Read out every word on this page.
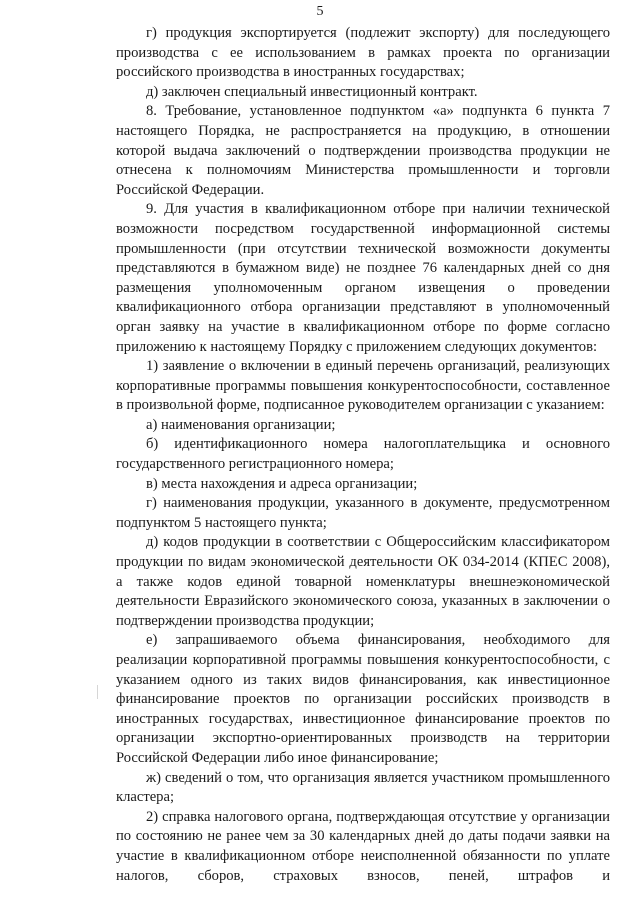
5

г) продукция экспортируется (подлежит экспорту) для последующего производства с ее использованием в рамках проекта по организации российского производства в иностранных государствах;

д) заключен специальный инвестиционный контракт.

8. Требование, установленное подпунктом «а» подпункта 6 пункта 7 настоящего Порядка, не распространяется на продукцию, в отношении которой выдача заключений о подтверждении производства продукции не отнесена к полномочиям Министерства промышленности и торговли Российской Федерации.

9. Для участия в квалификационном отборе при наличии технической возможности посредством государственной информационной системы промышленности (при отсутствии технической возможности документы представляются в бумажном виде) не позднее 76 календарных дней со дня размещения уполномоченным органом извещения о проведении квалификационного отбора организации представляют в уполномоченный орган заявку на участие в квалификационном отборе по форме согласно приложению к настоящему Порядку с приложением следующих документов:

1) заявление о включении в единый перечень организаций, реализующих корпоративные программы повышения конкурентоспособности, составленное в произвольной форме, подписанное руководителем организации с указанием:

а) наименования организации;

б) идентификационного номера налогоплательщика и основного государственного регистрационного номера;

в) места нахождения и адреса организации;

г) наименования продукции, указанного в документе, предусмотренном подпунктом 5 настоящего пункта;

д) кодов продукции в соответствии с Общероссийским классификатором продукции по видам экономической деятельности ОК 034-2014 (КПЕС 2008), а также кодов единой товарной номенклатуры внешнеэкономической деятельности Евразийского экономического союза, указанных в заключении о подтверждении производства продукции;

е) запрашиваемого объема финансирования, необходимого для реализации корпоративной программы повышения конкурентоспособности, с указанием одного из таких видов финансирования, как инвестиционное финансирование проектов по организации российских производств в иностранных государствах, инвестиционное финансирование проектов по организации экспортно-ориентированных производств на территории Российской Федерации либо иное финансирование;

ж) сведений о том, что организация является участником промышленного кластера;

2) справка налогового органа, подтверждающая отсутствие у организации по состоянию не ранее чем за 30 календарных дней до даты подачи заявки на участие в квалификационном отборе неисполненной обязанности по уплате налогов, сборов, страховых взносов, пеней, штрафов и
